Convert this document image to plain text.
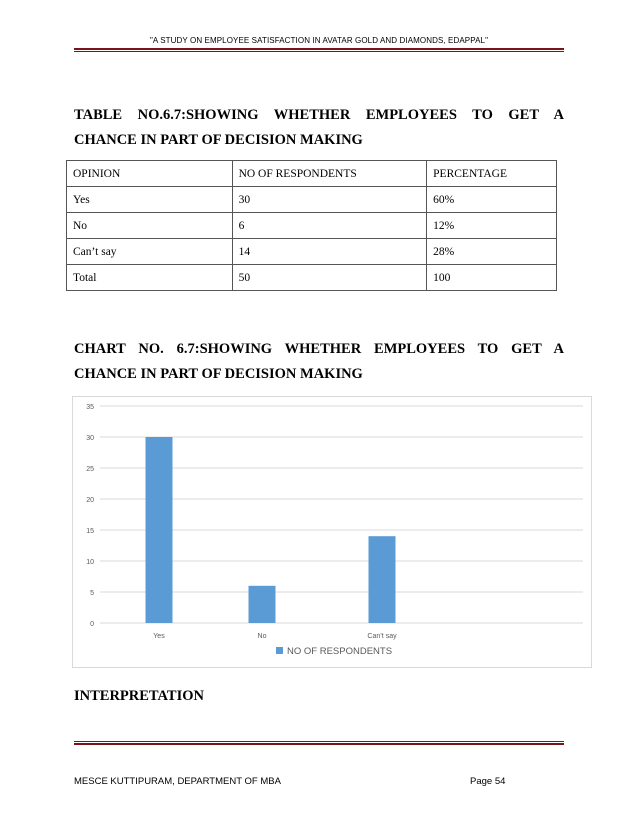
"A STUDY ON EMPLOYEE SATISFACTION IN AVATAR GOLD AND DIAMONDS, EDAPPAL"
TABLE NO.6.7:SHOWING WHETHER EMPLOYEES TO GET A
CHANCE IN PART OF DECISION MAKING
OPINION	NO OF RESPONDENTS	PERCENTAGE
Yes	30	60%
No	6	12%
Can’t say	14	28%
Total	50	100
CHART NO. 6.7:SHOWING WHETHER EMPLOYEES TO GET A
CHANCE IN PART OF DECISION MAKING
0
5
10
15
20
25
30
35
Yes	No	Can’t say
NO OF RESPONDENTS
INTERPRETATION
MESCE KUTTIPURAM, DEPARTMENT OF MBA	Page 54
